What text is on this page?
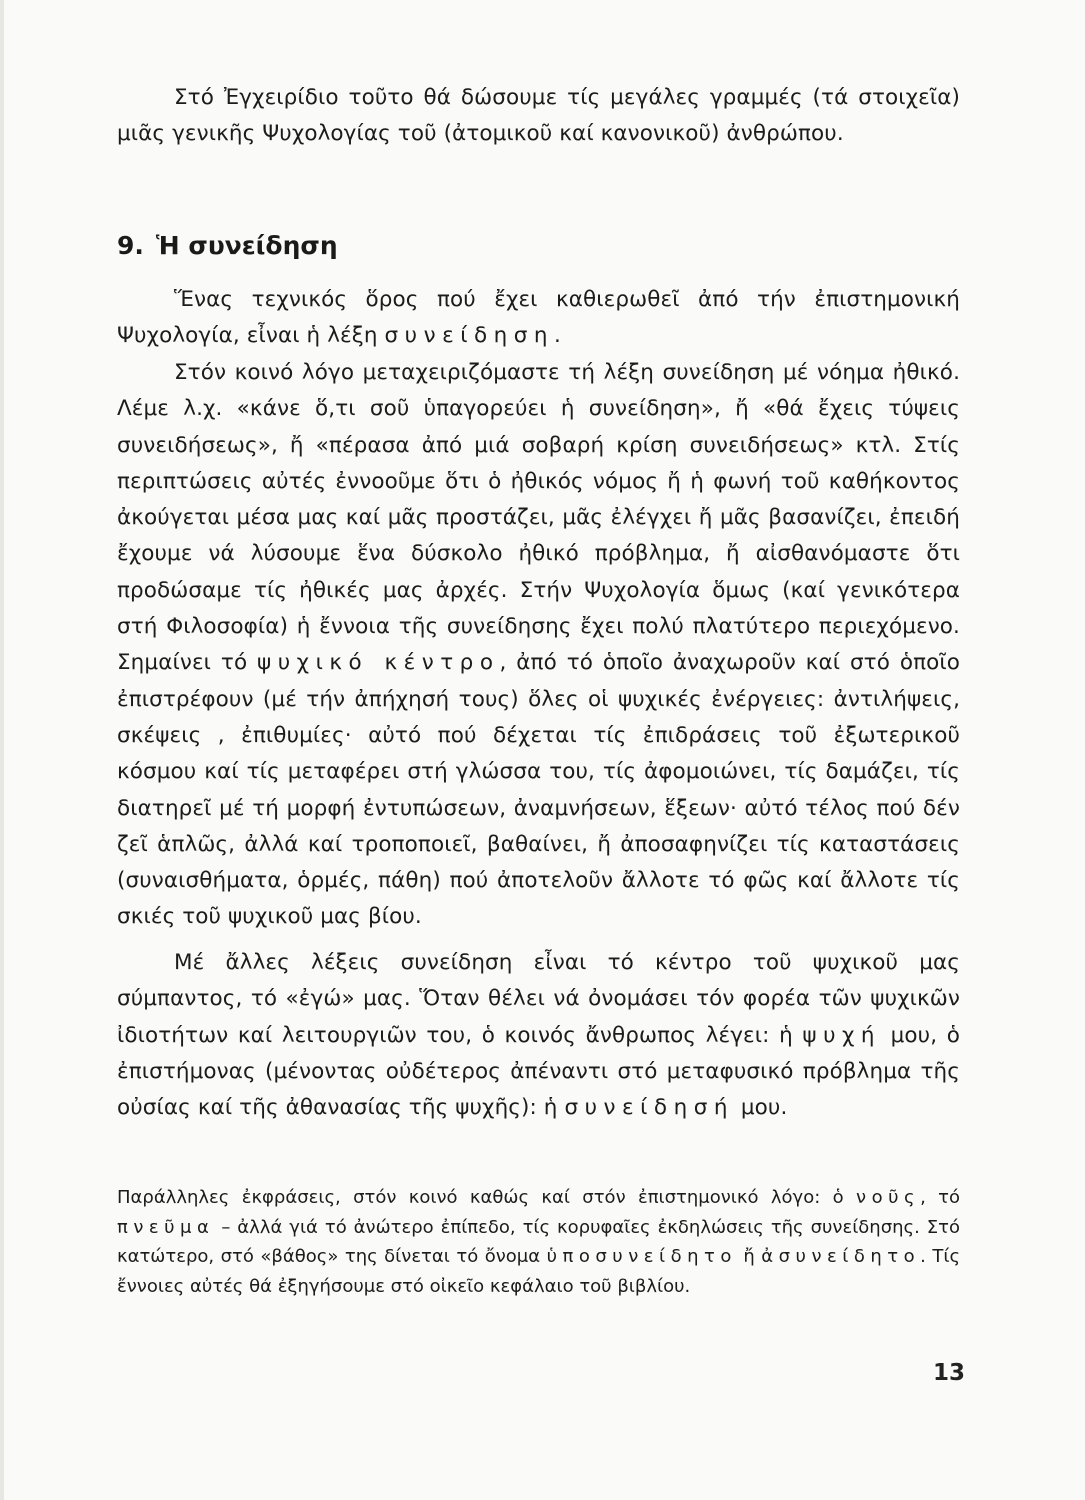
Στό Ἐγχειρίδιο τοῦτο θά δώσουμε τίς μεγάλες γραμμές (τά στοιχεῖα) μιᾶς γενικῆς Ψυχολογίας τοῦ (ἀτομικοῦ καί κανονικοῦ) ἀνθρώπου.

9. Ἡ συνείδηση

Ἕνας τεχνικός ὅρος πού ἔχει καθιερωθεῖ ἀπό τήν ἐπιστημονική Ψυχολογία, εἶναι ἡ λέξη συνείδηση.

Στόν κοινό λόγο μεταχειριζόμαστε τή λέξη συνείδηση μέ νόημα ἠθικό. Λέμε λ.χ. «κάνε ὅ,τι σοῦ ὑπαγορεύει ἡ συνείδηση», ἤ «θά ἔχεις τύψεις συνειδήσεως», ἤ «πέρασα ἀπό μιά σοβαρή κρίση συνειδήσεως» κτλ. Στίς περιπτώσεις αὐτές ἐννοοῦμε ὅτι ὁ ἠθικός νόμος ἤ ἡ φωνή τοῦ καθήκοντος ἀκούγεται μέσα μας καί μᾶς προστάζει, μᾶς ἐλέγχει ἤ μᾶς βασανίζει, ἐπειδή ἔχουμε νά λύσουμε ἕνα δύσκολο ἠθικό πρόβλημα, ἤ αἰσθανόμαστε ὅτι προδώσαμε τίς ἠθικές μας ἀρχές. Στήν Ψυχολογία ὅμως (καί γενικότερα στή Φιλοσοφία) ἡ ἔννοια τῆς συνείδησης ἔχει πολύ πλατύτερο περιεχόμενο. Σημαίνει τό ψυχικό κέντρο, ἀπό τό ὁποῖο ἀναχωροῦν καί στό ὁποῖο ἐπιστρέφουν (μέ τήν ἀπήχησή τους) ὅλες οἱ ψυχικές ἐνέργειες: ἀντιλήψεις, σκέψεις , ἐπιθυμίες· αὐτό πού δέχεται τίς ἐπιδράσεις τοῦ ἐξωτερικοῦ κόσμου καί τίς μεταφέρει στή γλώσσα του, τίς ἀφομοιώνει, τίς δαμάζει, τίς διατηρεῖ μέ τή μορφή ἐντυπώσεων, ἀναμνήσεων, ἕξεων· αὐτό τέλος πού δέν ζεῖ ἁπλῶς, ἀλλά καί τροποποιεῖ, βαθαίνει, ἤ ἀποσαφηνίζει τίς καταστάσεις (συναισθήματα, ὁρμές, πάθη) πού ἀποτελοῦν ἄλλοτε τό φῶς καί ἄλλοτε τίς σκιές τοῦ ψυχικοῦ μας βίου.

Μέ ἄλλες λέξεις συνείδηση εἶναι τό κέντρο τοῦ ψυχικοῦ μας σύμπαντος, τό «ἐγώ» μας. Ὅταν θέλει νά ὀνομάσει τόν φορέα τῶν ψυχικῶν ἰδιοτήτων καί λειτουργιῶν του, ὁ κοινός ἄνθρωπος λέγει: ἡ ψυχή μου, ὁ ἐπιστήμονας (μένοντας οὐδέτερος ἀπέναντι στό μεταφυσικό πρόβλημα τῆς οὐσίας καί τῆς ἀθανασίας τῆς ψυχῆς): ἡ συνείδησή μου.

Παράλληλες ἐκφράσεις, στόν κοινό καθώς καί στόν ἐπιστημονικό λόγο: ὁ νοῦς, τό πνεῦμα – ἀλλά γιά τό ἀνώτερο ἐπίπεδο, τίς κορυφαῖες ἐκδηλώσεις τῆς συνείδησης. Στό κατώτερο, στό «βάθος» της δίνεται τό ὄνομα ὑποσυνείδητο ἤ ἀσυνείδητο. Τίς ἔννοιες αὐτές θά ἐξηγήσουμε στό οἰκεῖο κεφάλαιο τοῦ βιβλίου.

13
